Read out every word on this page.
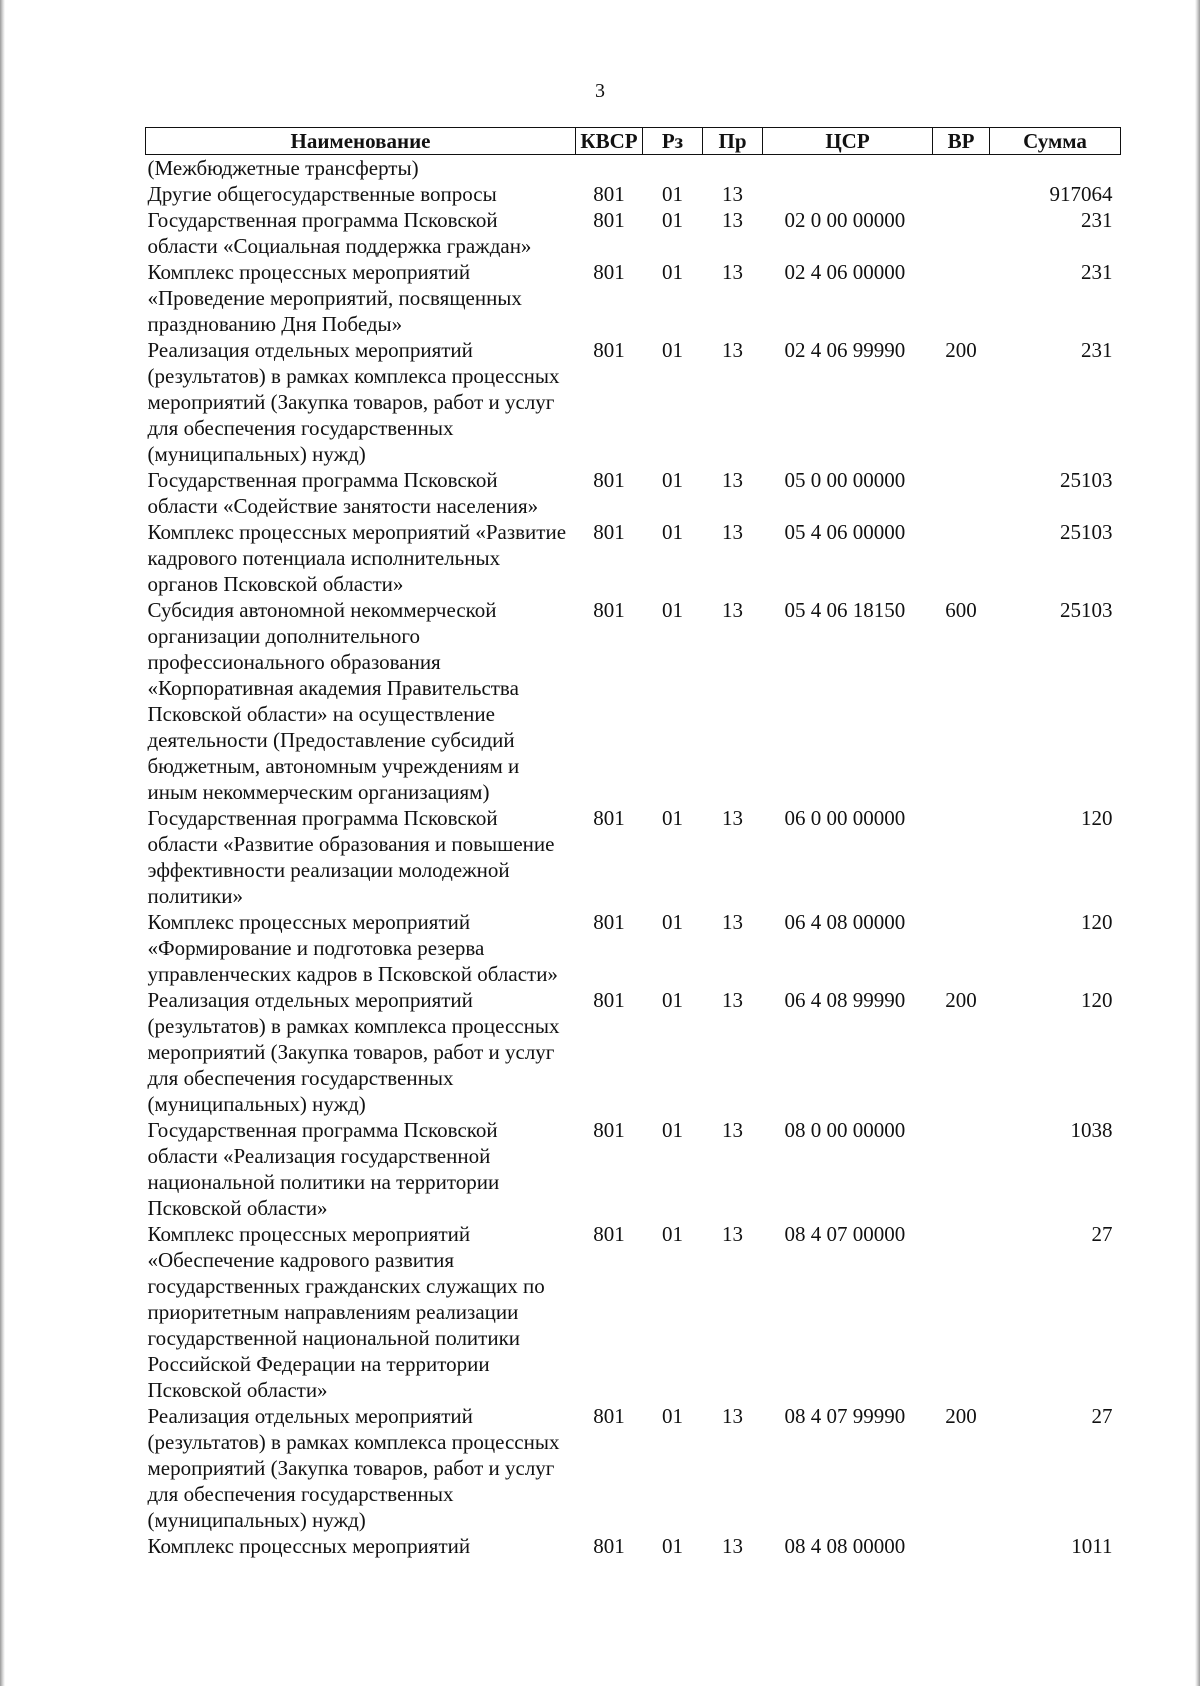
3
Наименование	КВСР	Рз	Пр	ЦСР	ВР	Сумма
(Межбюджетные трансферты)						
Другие общегосударственные вопросы	801	01	13			917064
Государственная программа Псковской области «Социальная поддержка граждан»	801	01	13	02 0 00 00000		231
Комплекс процессных мероприятий «Проведение мероприятий, посвященных празднованию Дня Победы»	801	01	13	02 4 06 00000		231
Реализация отдельных мероприятий (результатов) в рамках комплекса процессных мероприятий (Закупка товаров, работ и услуг для обеспечения государственных (муниципальных) нужд)	801	01	13	02 4 06 99990	200	231
Государственная программа Псковской области «Содействие занятости населения»	801	01	13	05 0 00 00000		25103
Комплекс процессных мероприятий «Развитие кадрового потенциала исполнительных органов Псковской области»	801	01	13	05 4 06 00000		25103
Субсидия автономной некоммерческой организации дополнительного профессионального образования «Корпоративная академия Правительства Псковской области» на осуществление деятельности (Предоставление субсидий бюджетным, автономным учреждениям и иным некоммерческим организациям)	801	01	13	05 4 06 18150	600	25103
Государственная программа Псковской области «Развитие образования и повышение эффективности реализации молодежной политики»	801	01	13	06 0 00 00000		120
Комплекс процессных мероприятий «Формирование и подготовка резерва управленческих кадров в Псковской области»	801	01	13	06 4 08 00000		120
Реализация отдельных мероприятий (результатов) в рамках комплекса процессных мероприятий (Закупка товаров, работ и услуг для обеспечения государственных (муниципальных) нужд)	801	01	13	06 4 08 99990	200	120
Государственная программа Псковской области «Реализация государственной национальной политики на территории Псковской области»	801	01	13	08 0 00 00000		1038
Комплекс процессных мероприятий «Обеспечение кадрового развития государственных гражданских служащих по приоритетным направлениям реализации государственной национальной политики Российской Федерации на территории Псковской области»	801	01	13	08 4 07 00000		27
Реализация отдельных мероприятий (результатов) в рамках комплекса процессных мероприятий (Закупка товаров, работ и услуг для обеспечения государственных (муниципальных) нужд)	801	01	13	08 4 07 99990	200	27
Комплекс процессных мероприятий	801	01	13	08 4 08 00000		1011
